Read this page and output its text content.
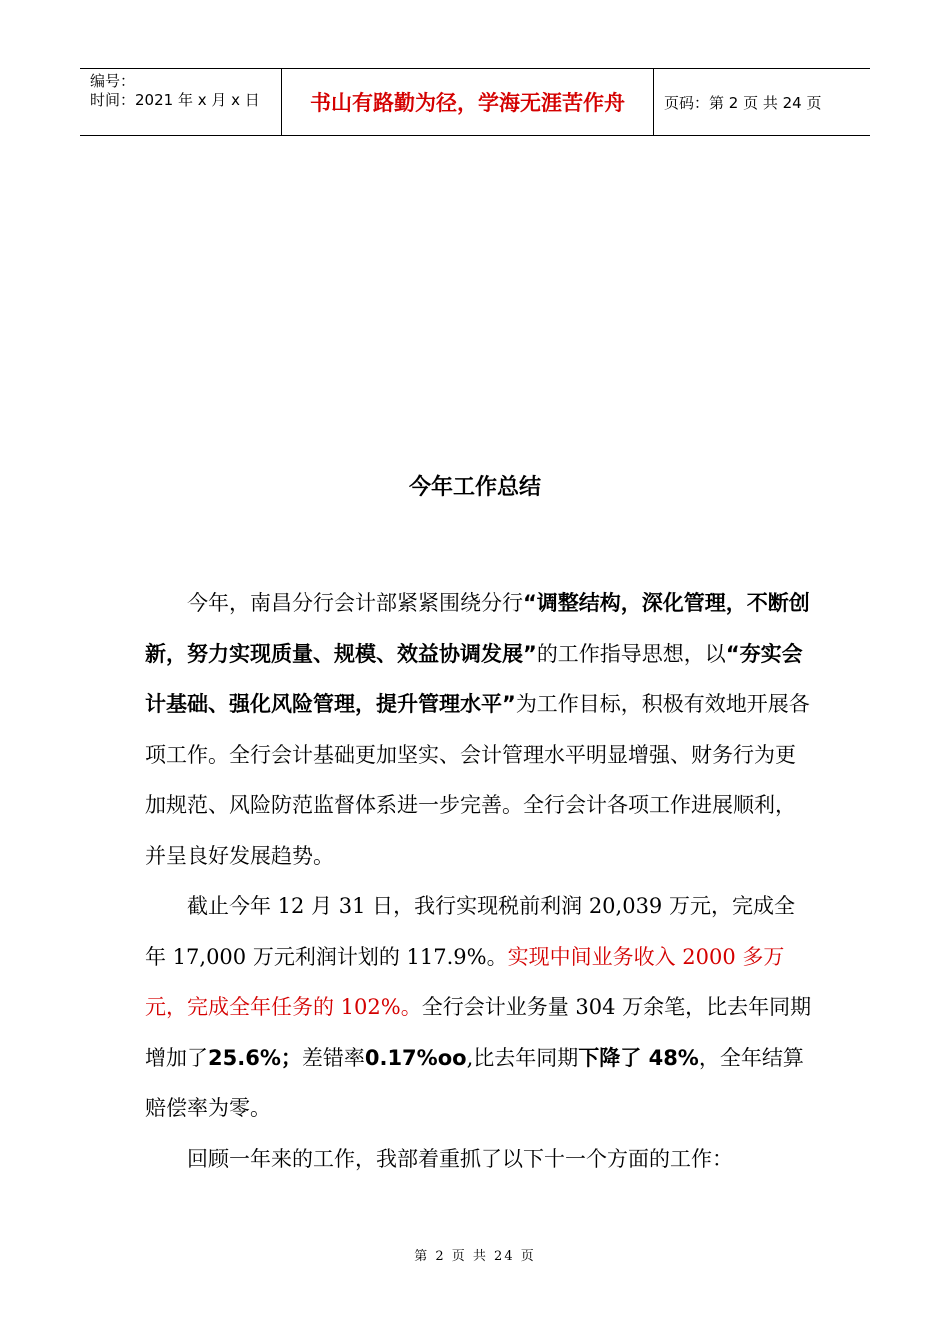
编号：
时间：2021 年 x 月 x 日	书山有路勤为径，学海无涯苦作舟	页码：第 2 页 共 24 页
今年工作总结

今年，南昌分行会计部紧紧围绕分行“调整结构，深化管理，不断创新，努力实现质量、规模、效益协调发展”的工作指导思想，以“夯实会计基础、强化风险管理，提升管理水平”为工作目标，积极有效地开展各项工作。全行会计基础更加坚实、会计管理水平明显增强、财务行为更加规范、风险防范监督体系进一步完善。全行会计各项工作进展顺利，并呈良好发展趋势。

截止今年 12 月 31 日，我行实现税前利润 20,039 万元，完成全年 17,000 万元利润计划的 117.9%。实现中间业务收入 2000 多万元，完成全年任务的 102%。全行会计业务量 304 万余笔，比去年同期增加了25.6%；差错率0.17%oo,比去年同期下降了 48%，全年结算赔偿率为零。

回顾一年来的工作，我部着重抓了以下十一个方面的工作：

第 2 页 共 24 页
